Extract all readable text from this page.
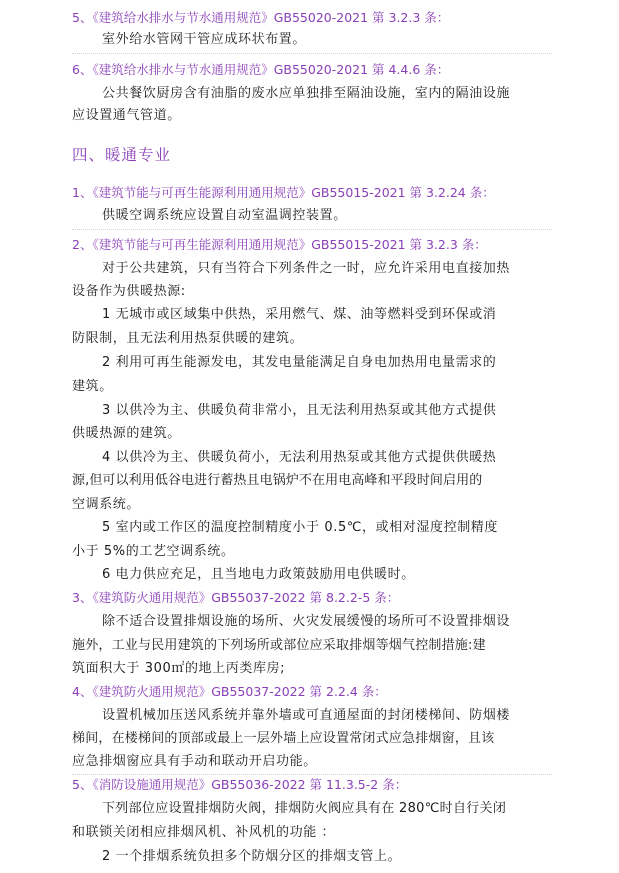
5、《建筑给水排水与节水通用规范》GB55020-2021 第 3.2.3 条：
室外给水管网干管应成环状布置。
6、《建筑给水排水与节水通用规范》GB55020-2021 第 4.4.6 条：
公共餐饮厨房含有油脂的废水应单独排至隔油设施，室内的隔油设施
应设置通气管道。
四、暖通专业
1、《建筑节能与可再生能源利用通用规范》GB55015-2021 第 3.2.24 条：
供暖空调系统应设置自动室温调控装置。
2、《建筑节能与可再生能源利用通用规范》GB55015-2021 第 3.2.3 条：
对于公共建筑，只有当符合下列条件之一时，应允许采用电直接加热
设备作为供暖热源:
1 无城市或区域集中供热，采用燃气、煤、油等燃料受到环保或消
防限制，且无法利用热泵供暖的建筑。
2 利用可再生能源发电，其发电量能满足自身电加热用电量需求的
建筑。
3 以供冷为主、供暖负荷非常小，且无法利用热泵或其他方式提供
供暖热源的建筑。
4 以供冷为主、供暖负荷小，无法利用热泵或其他方式提供供暖热
源,但可以利用低谷电进行蓄热且电锅炉不在用电高峰和平段时间启用的
空调系统。
5 室内或工作区的温度控制精度小于 0.5℃，或相对湿度控制精度
小于 5%的工艺空调系统。
6 电力供应充足，且当地电力政策鼓励用电供暖时。
3、《建筑防火通用规范》GB55037-2022 第 8.2.2-5 条：
除不适合设置排烟设施的场所、火灾发展缓慢的场所可不设置排烟设
施外，工业与民用建筑的下列场所或部位应采取排烟等烟气控制措施:建
筑面积大于 300㎡的地上丙类库房;
4、《建筑防火通用规范》GB55037-2022 第 2.2.4 条：
设置机械加压送风系统并靠外墙或可直通屋面的封闭楼梯间、防烟楼
梯间，在楼梯间的顶部或最上一层外墙上应设置常闭式应急排烟窗，且该
应急排烟窗应具有手动和联动开启功能。
5、《消防设施通用规范》GB55036-2022 第 11.3.5-2 条：
下列部位应设置排烟防火阀，排烟防火阀应具有在 280℃时自行关闭
和联锁关闭相应排烟风机、补风机的功能 ：
2 一个排烟系统负担多个防烟分区的排烟支管上。
